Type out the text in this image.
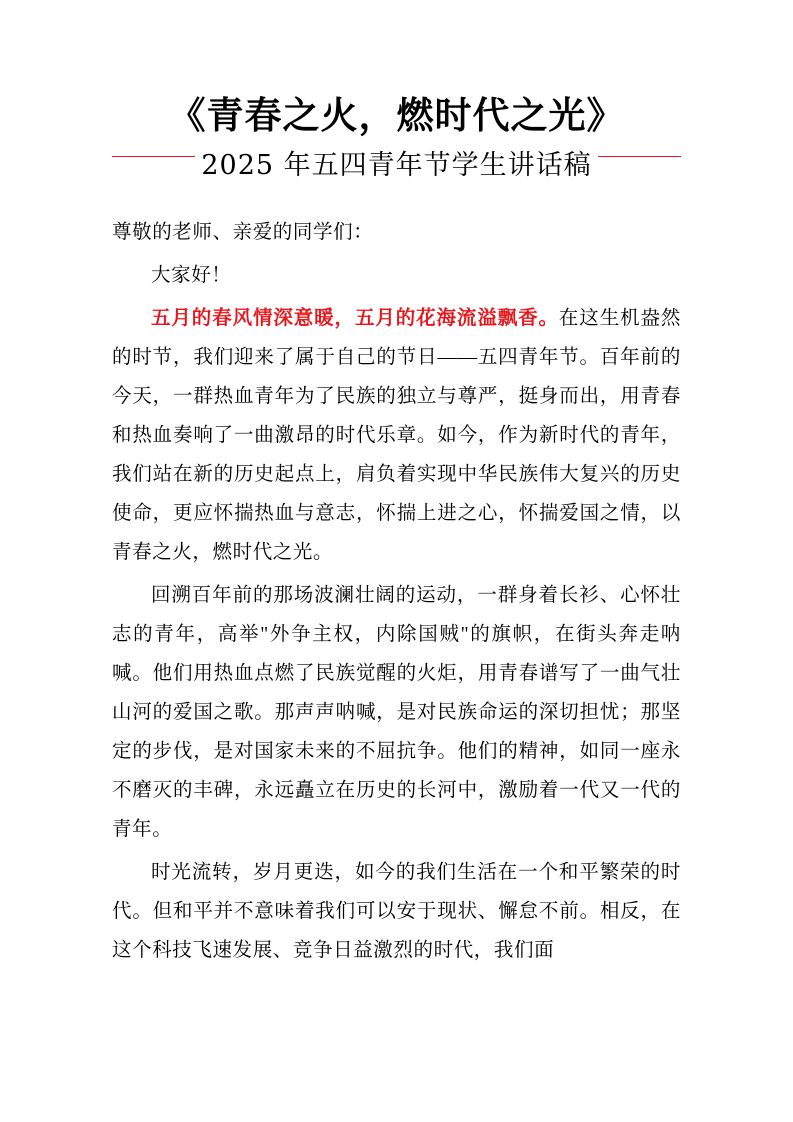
《青春之火，燃时代之光》
2025 年五四青年节学生讲话稿

尊敬的老师、亲爱的同学们：

大家好！

五月的春风情深意暖，五月的花海流溢飘香。在这生机盎然的时节，我们迎来了属于自己的节日——五四青年节。百年前的今天，一群热血青年为了民族的独立与尊严，挺身而出，用青春和热血奏响了一曲激昂的时代乐章。如今，作为新时代的青年，我们站在新的历史起点上，肩负着实现中华民族伟大复兴的历史使命，更应怀揣热血与意志，怀揣上进之心，怀揣爱国之情，以青春之火，燃时代之光。

回溯百年前的那场波澜壮阔的运动，一群身着长衫、心怀壮志的青年，高举"外争主权，内除国贼"的旗帜，在街头奔走呐喊。他们用热血点燃了民族觉醒的火炬，用青春谱写了一曲气壮山河的爱国之歌。那声声呐喊，是对民族命运的深切担忧；那坚定的步伐，是对国家未来的不屈抗争。他们的精神，如同一座永不磨灭的丰碑，永远矗立在历史的长河中，激励着一代又一代的青年。

时光流转，岁月更迭，如今的我们生活在一个和平繁荣的时代。但和平并不意味着我们可以安于现状、懈怠不前。相反，在这个科技飞速发展、竞争日益激烈的时代，我们面
